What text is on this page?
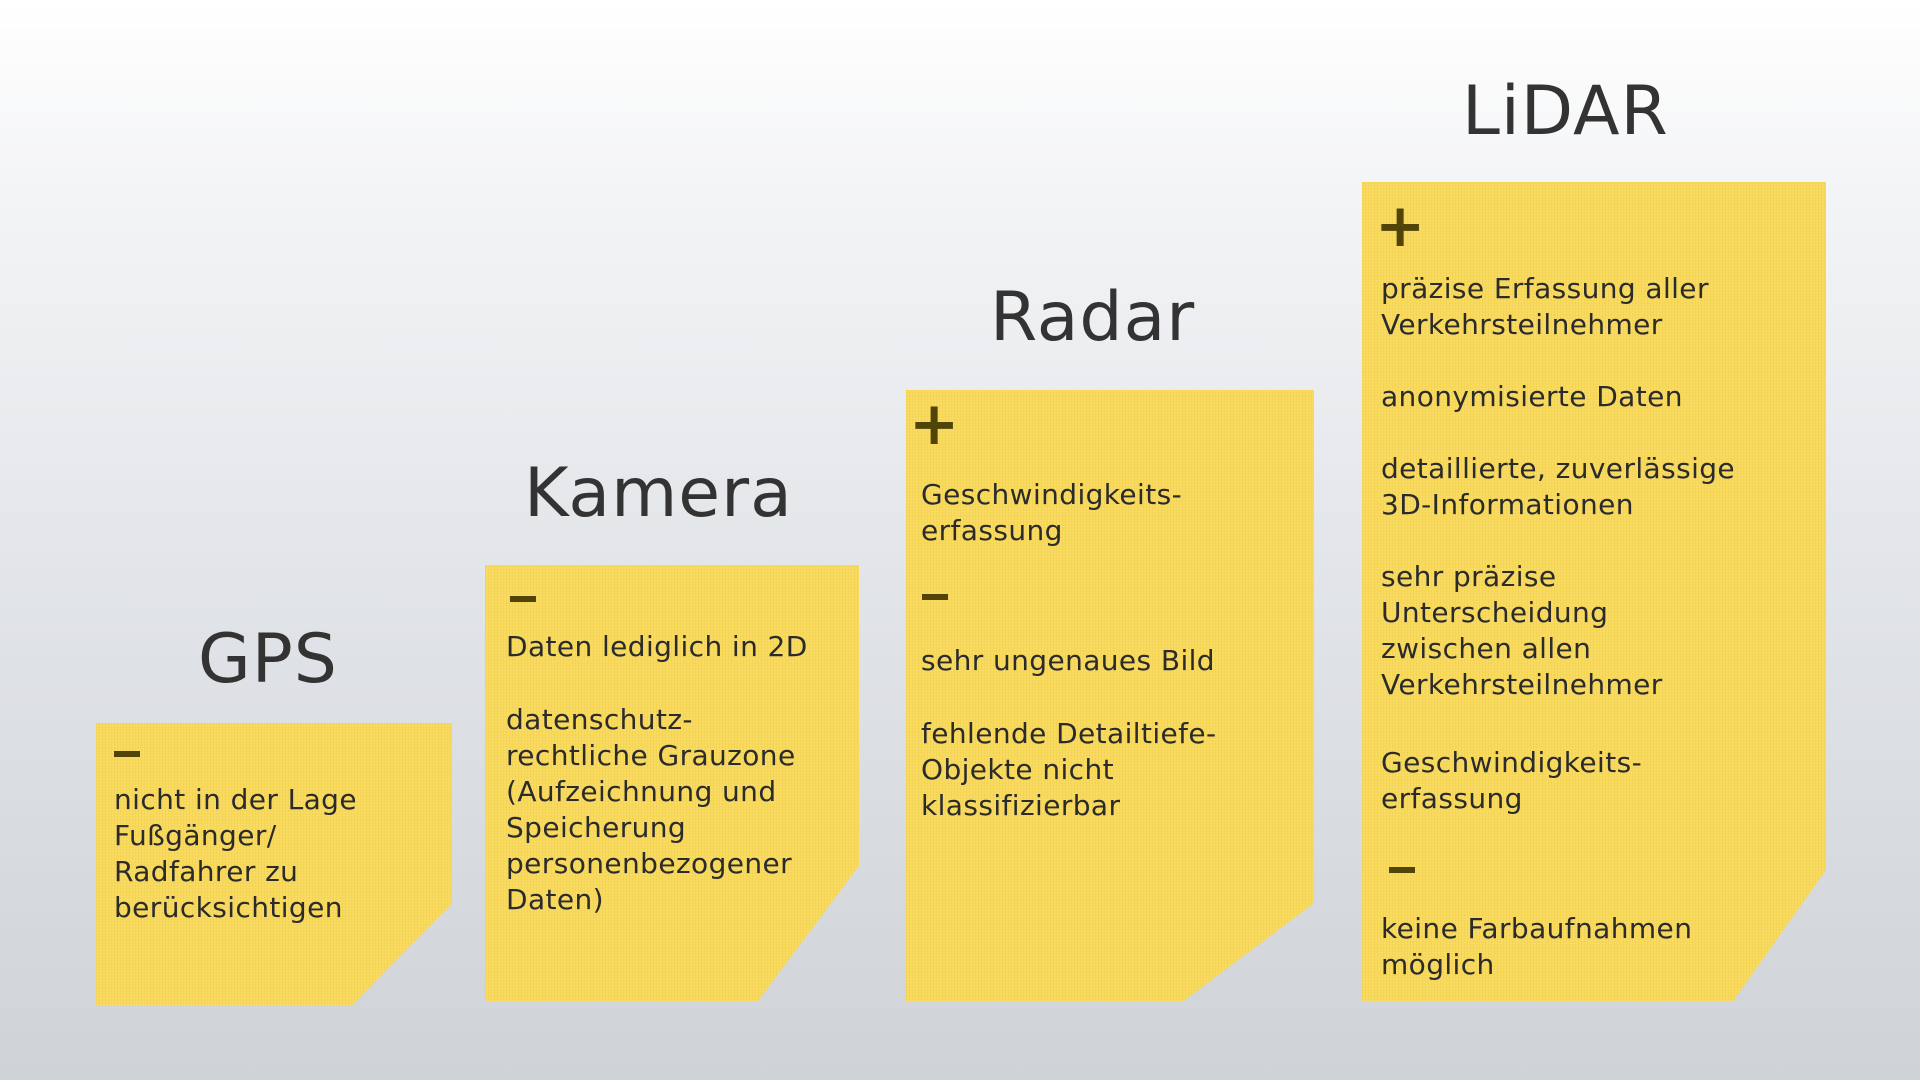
GPS
nicht in der Lage
Fußgänger/
Radfahrer zu
berücksichtigen
Kamera
Daten lediglich in 2D
datenschutz-
rechtliche Grauzone
(Aufzeichnung und
Speicherung
personenbezogener
Daten)
Radar
+
Geschwindigkeits-
erfassung
sehr ungenaues Bild
fehlende Detailtiefe-
Objekte nicht
klassifizierbar
LiDAR
+
präzise Erfassung aller
Verkehrsteilnehmer
anonymisierte Daten
detaillierte, zuverlässige
3D-Informationen
sehr präzise
Unterscheidung
zwischen allen
Verkehrsteilnehmer
Geschwindigkeits-
erfassung
keine Farbaufnahmen
möglich
